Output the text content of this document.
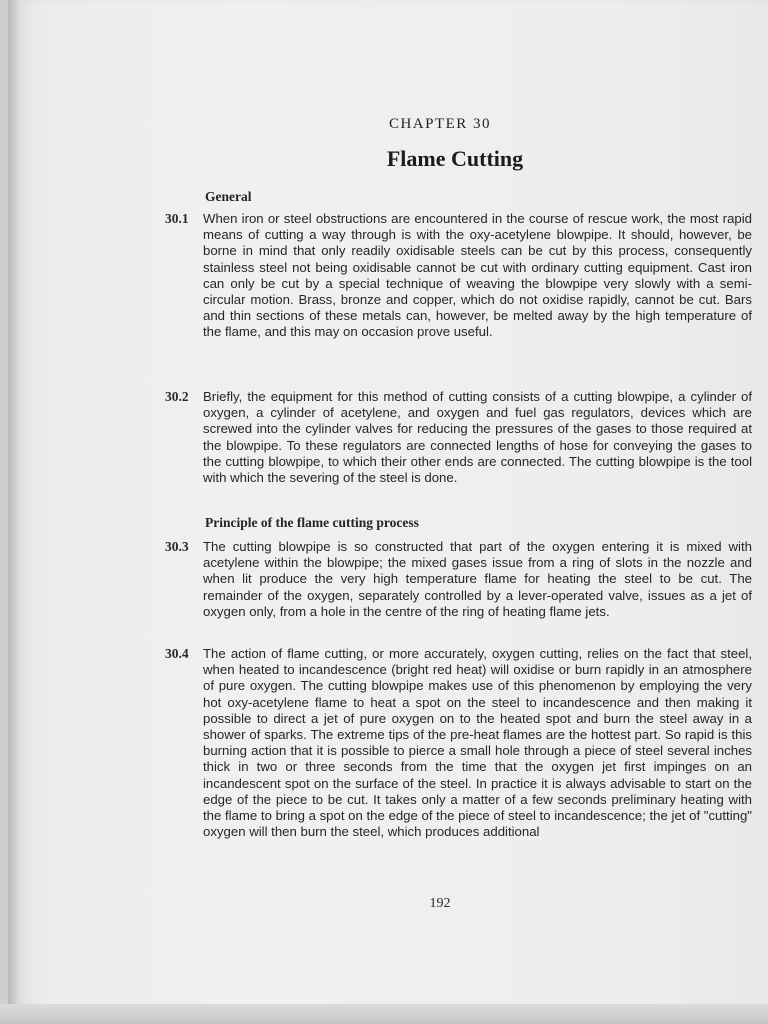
CHAPTER 30
Flame Cutting
General
30.1	When iron or steel obstructions are encountered in the course of rescue work, the most rapid means of cutting a way through is with the oxy-acetylene blowpipe. It should, however, be borne in mind that only readily oxidisable steels can be cut by this process, consequently stainless steel not being oxidisable cannot be cut with ordinary cutting equipment. Cast iron can only be cut by a special technique of weaving the blowpipe very slowly with a semi-circular motion. Brass, bronze and copper, which do not oxidise rapidly, cannot be cut. Bars and thin sections of these metals can, however, be melted away by the high temperature of the flame, and this may on occasion prove useful.
30.2	Briefly, the equipment for this method of cutting consists of a cutting blowpipe, a cylinder of oxygen, a cylinder of acetylene, and oxygen and fuel gas regulators, devices which are screwed into the cylinder valves for reducing the pressures of the gases to those required at the blowpipe. To these regulators are connected lengths of hose for conveying the gases to the cutting blowpipe, to which their other ends are connected. The cutting blowpipe is the tool with which the severing of the steel is done.
Principle of the flame cutting process
30.3	The cutting blowpipe is so constructed that part of the oxygen entering it is mixed with acetylene within the blowpipe; the mixed gases issue from a ring of slots in the nozzle and when lit produce the very high temperature flame for heating the steel to be cut. The remainder of the oxygen, separately controlled by a lever-operated valve, issues as a jet of oxygen only, from a hole in the centre of the ring of heating flame jets.
30.4	The action of flame cutting, or more accurately, oxygen cutting, relies on the fact that steel, when heated to incandescence (bright red heat) will oxidise or burn rapidly in an atmosphere of pure oxygen. The cutting blowpipe makes use of this phenomenon by employing the very hot oxy-acetylene flame to heat a spot on the steel to incandescence and then making it possible to direct a jet of pure oxygen on to the heated spot and burn the steel away in a shower of sparks. The extreme tips of the pre-heat flames are the hottest part. So rapid is this burning action that it is possible to pierce a small hole through a piece of steel several inches thick in two or three seconds from the time that the oxygen jet first impinges on an incandescent spot on the surface of the steel. In practice it is always advisable to start on the edge of the piece to be cut. It takes only a matter of a few seconds preliminary heating with the flame to bring a spot on the edge of the piece of steel to incandescence; the jet of "cutting" oxygen will then burn the steel, which produces additional
192
